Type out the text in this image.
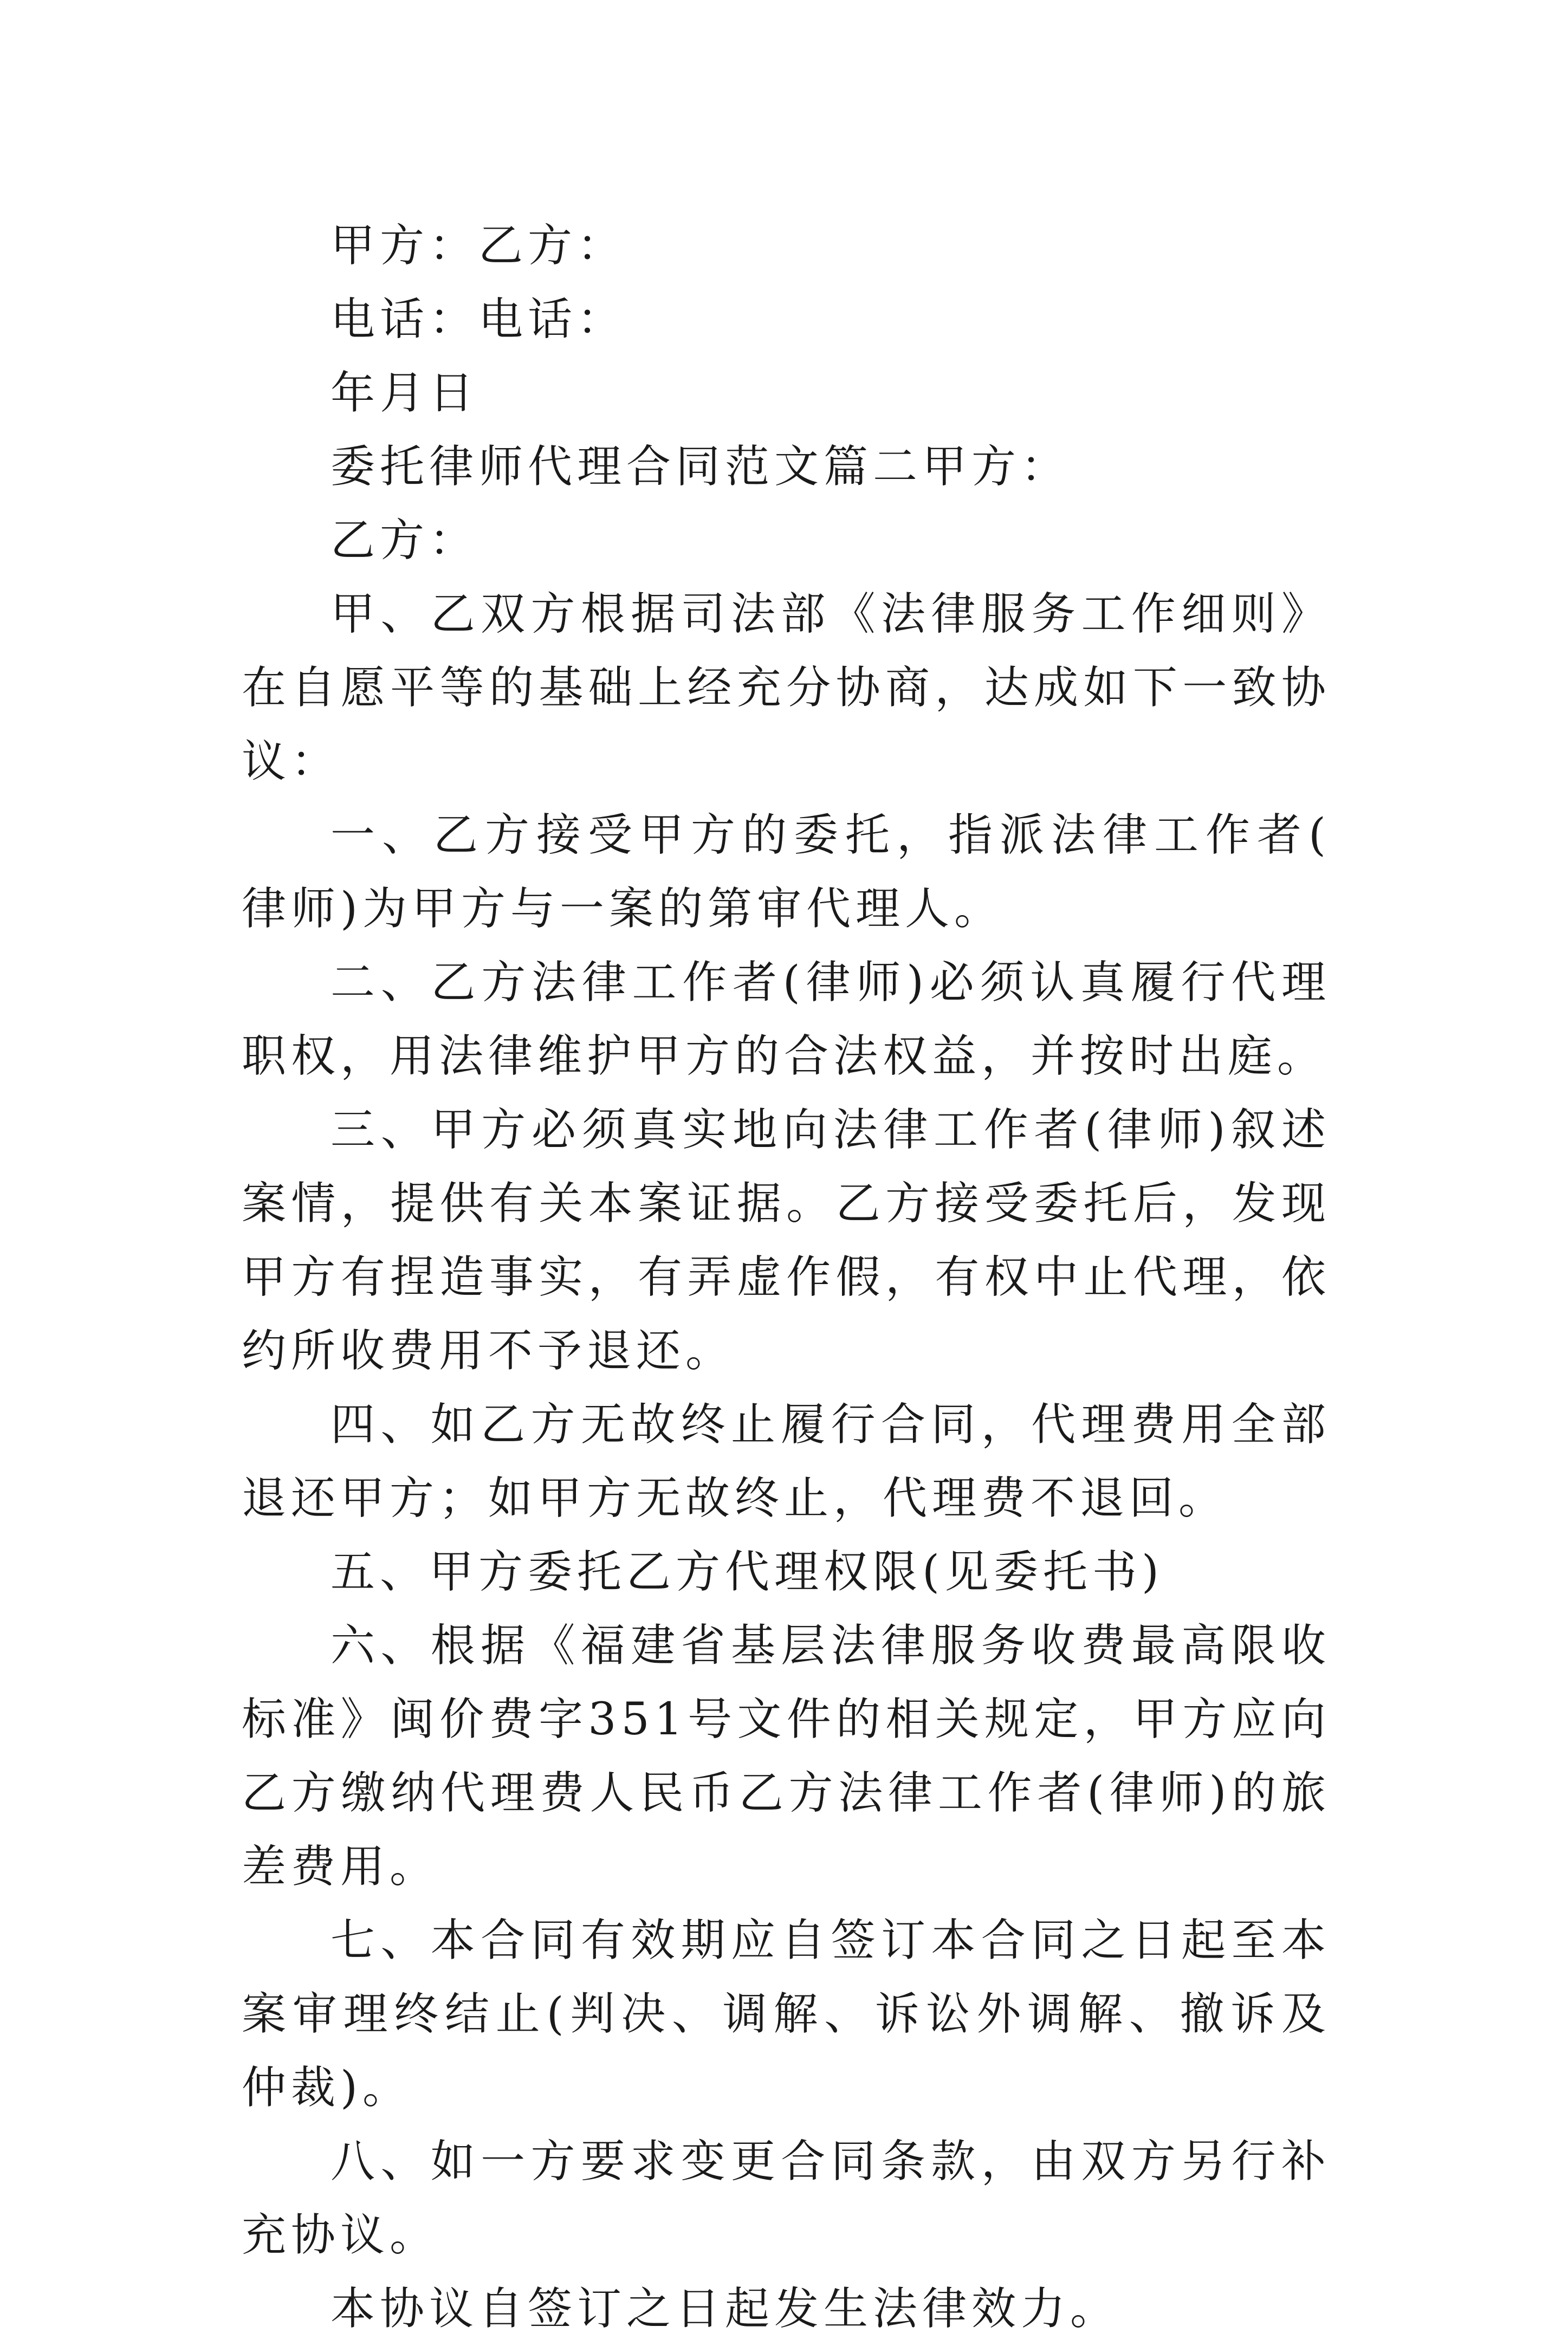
甲方：乙方：

电话：电话：

年月日

委托律师代理合同范文篇二甲方：

乙方：

甲、乙双方根据司法部《法律服务工作细则》在自愿平等的基础上经充分协商，达成如下一致协议：

一、乙方接受甲方的委托，指派法律工作者(律师)为甲方与一案的第审代理人。

二、乙方法律工作者(律师)必须认真履行代理职权，用法律维护甲方的合法权益，并按时出庭。

三、甲方必须真实地向法律工作者(律师)叙述案情，提供有关本案证据。乙方接受委托后，发现甲方有捏造事实，有弄虚作假，有权中止代理，依约所收费用不予退还。

四、如乙方无故终止履行合同，代理费用全部退还甲方；如甲方无故终止，代理费不退回。

五、甲方委托乙方代理权限(见委托书)

六、根据《福建省基层法律服务收费最高限收标准》闽价费字351号文件的相关规定，甲方应向乙方缴纳代理费人民币乙方法律工作者(律师)的旅差费用。

七、本合同有效期应自签订本合同之日起至本案审理终结止(判决、调解、诉讼外调解、撤诉及仲裁)。

八、如一方要求变更合同条款，由双方另行补充协议。

本协议自签订之日起发生法律效力。
